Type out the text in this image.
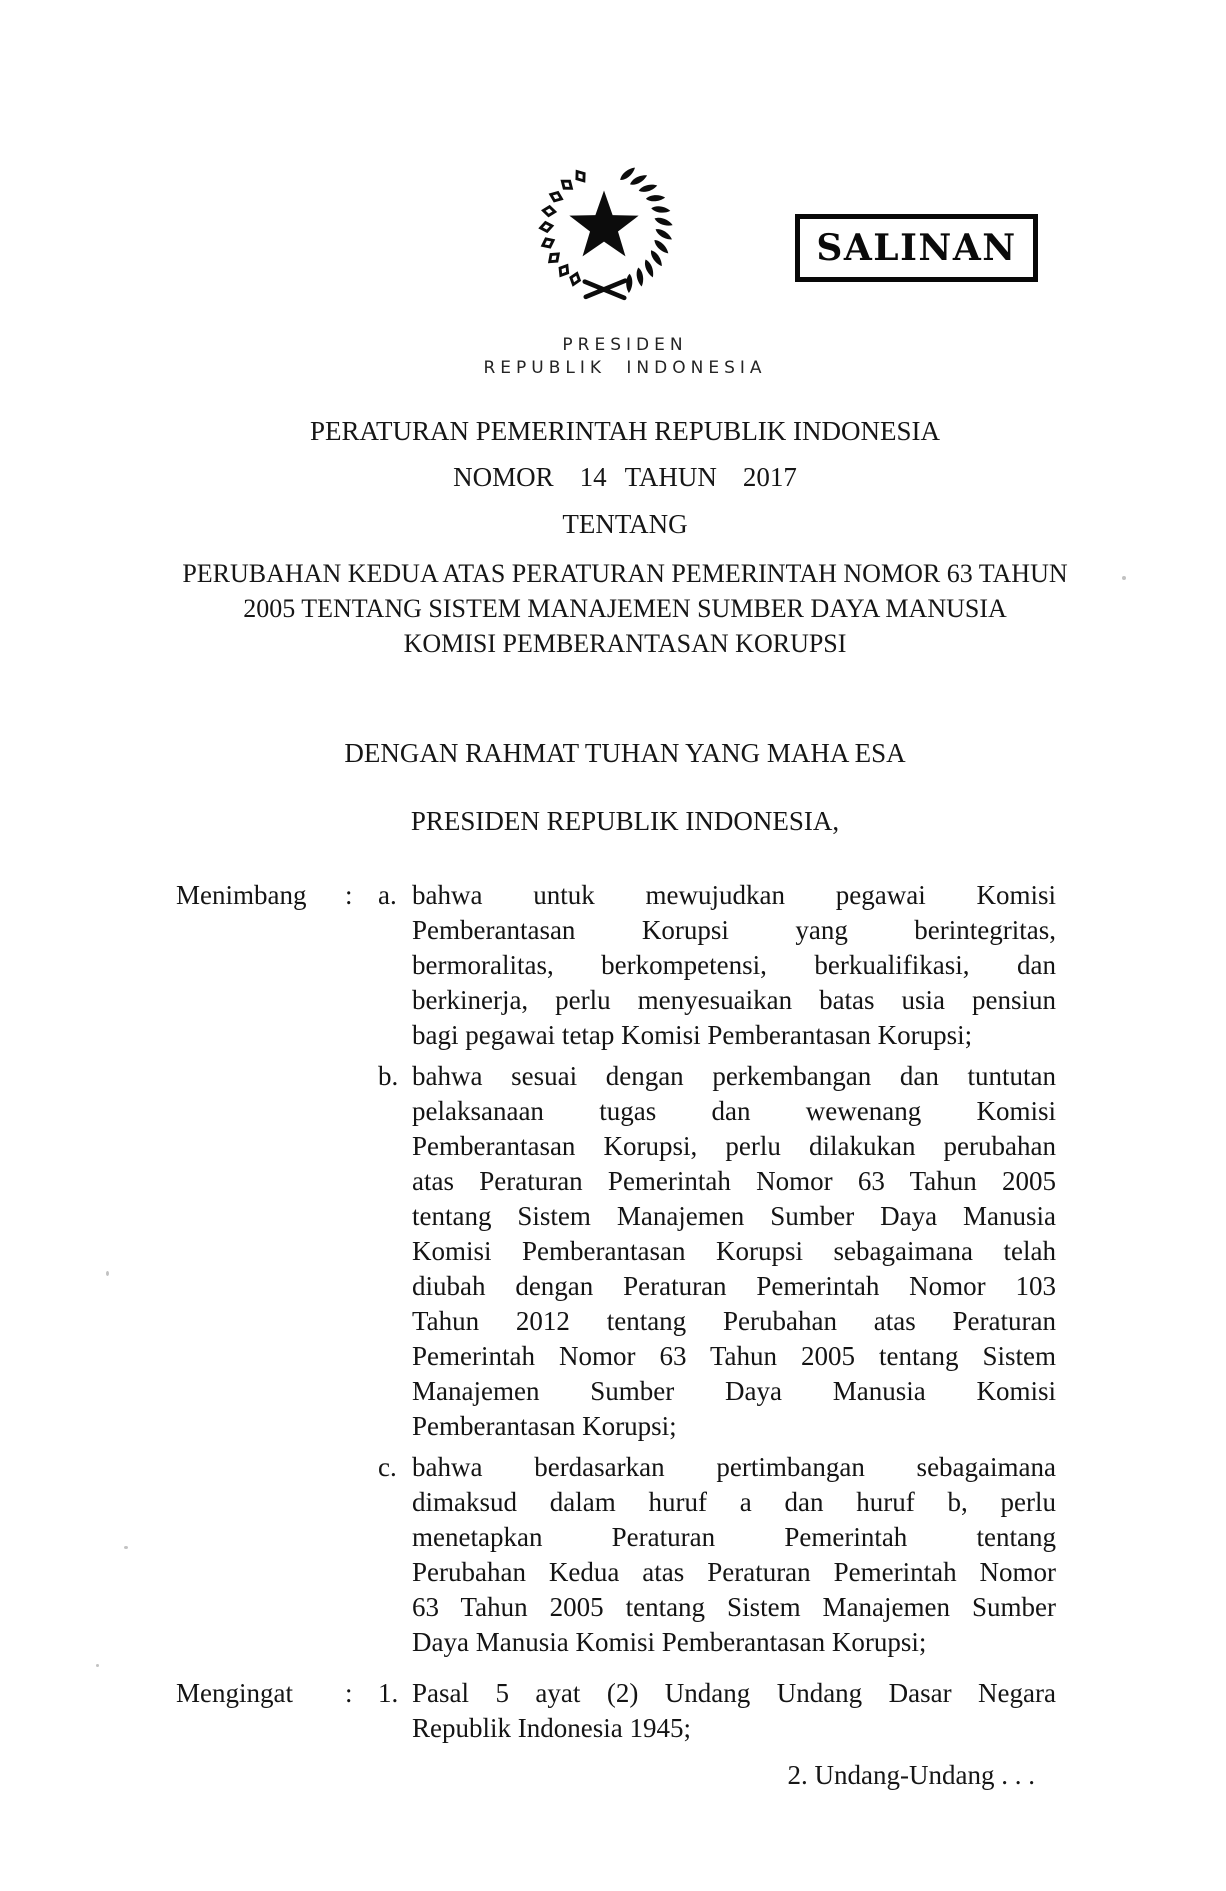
SALINAN
PRESIDEN
REPUBLIK INDONESIA
PERATURAN PEMERINTAH REPUBLIK INDONESIA
NOMOR 14 TAHUN 2017
TENTANG
PERUBAHAN KEDUA ATAS PERATURAN PEMERINTAH NOMOR 63 TAHUN
2005 TENTANG SISTEM MANAJEMEN SUMBER DAYA MANUSIA
KOMISI PEMBERANTASAN KORUPSI
DENGAN RAHMAT TUHAN YANG MAHA ESA
PRESIDEN REPUBLIK INDONESIA,
Menimbang	: a. bahwa untuk mewujudkan pegawai Komisi
Pemberantasan Korupsi yang berintegritas,
bermoralitas, berkompetensi, berkualifikasi, dan
berkinerja, perlu menyesuaikan batas usia pensiun
bagi pegawai tetap Komisi Pemberantasan Korupsi;
b. bahwa sesuai dengan perkembangan dan tuntutan
pelaksanaan tugas dan wewenang Komisi
Pemberantasan Korupsi, perlu dilakukan perubahan
atas Peraturan Pemerintah Nomor 63 Tahun 2005
tentang Sistem Manajemen Sumber Daya Manusia
Komisi Pemberantasan Korupsi sebagaimana telah
diubah dengan Peraturan Pemerintah Nomor 103
Tahun 2012 tentang Perubahan atas Peraturan
Pemerintah Nomor 63 Tahun 2005 tentang Sistem
Manajemen Sumber Daya Manusia Komisi
Pemberantasan Korupsi;
c. bahwa berdasarkan pertimbangan sebagaimana
dimaksud dalam huruf a dan huruf b, perlu
menetapkan Peraturan Pemerintah tentang
Perubahan Kedua atas Peraturan Pemerintah Nomor
63 Tahun 2005 tentang Sistem Manajemen Sumber
Daya Manusia Komisi Pemberantasan Korupsi;
Mengingat	: 1. Pasal 5 ayat (2) Undang Undang Dasar Negara
Republik Indonesia 1945;
2. Undang-Undang . . .
